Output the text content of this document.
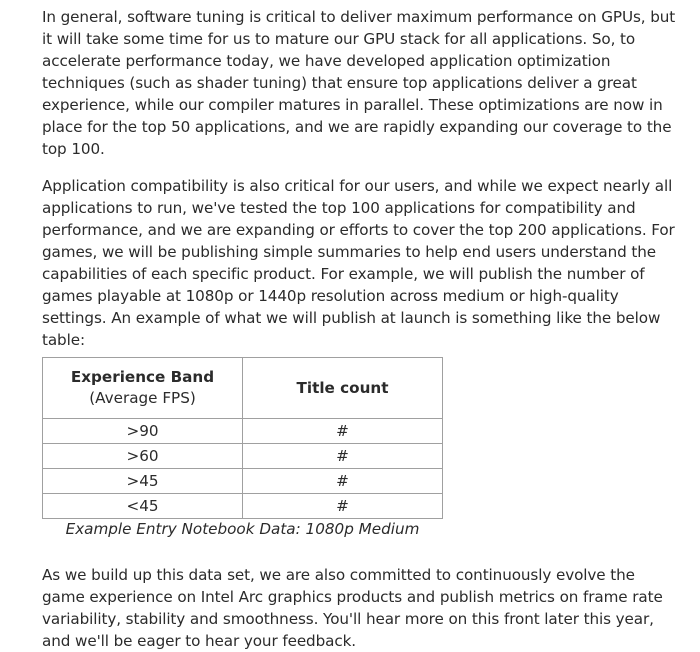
In general, software tuning is critical to deliver maximum performance on GPUs, but it will take some time for us to mature our GPU stack for all applications. So, to accelerate performance today, we have developed application optimization techniques (such as shader tuning) that ensure top applications deliver a great experience, while our compiler matures in parallel. These optimizations are now in place for the top 50 applications, and we are rapidly expanding our coverage to the top 100.

Application compatibility is also critical for our users, and while we expect nearly all applications to run, we've tested the top 100 applications for compatibility and performance, and we are expanding or efforts to cover the top 200 applications. For games, we will be publishing simple summaries to help end users understand the capabilities of each specific product. For example, we will publish the number of games playable at 1080p or 1440p resolution across medium or high-quality settings. An example of what we will publish at launch is something like the below table:

Experience Band
(Average FPS)	Title count

>90	#
>60	#
>45	#
<45	#
Example Entry Notebook Data: 1080p Medium

As we build up this data set, we are also committed to continuously evolve the game experience on Intel Arc graphics products and publish metrics on frame rate variability, stability and smoothness. You'll hear more on this front later this year, and we'll be eager to hear your feedback.
